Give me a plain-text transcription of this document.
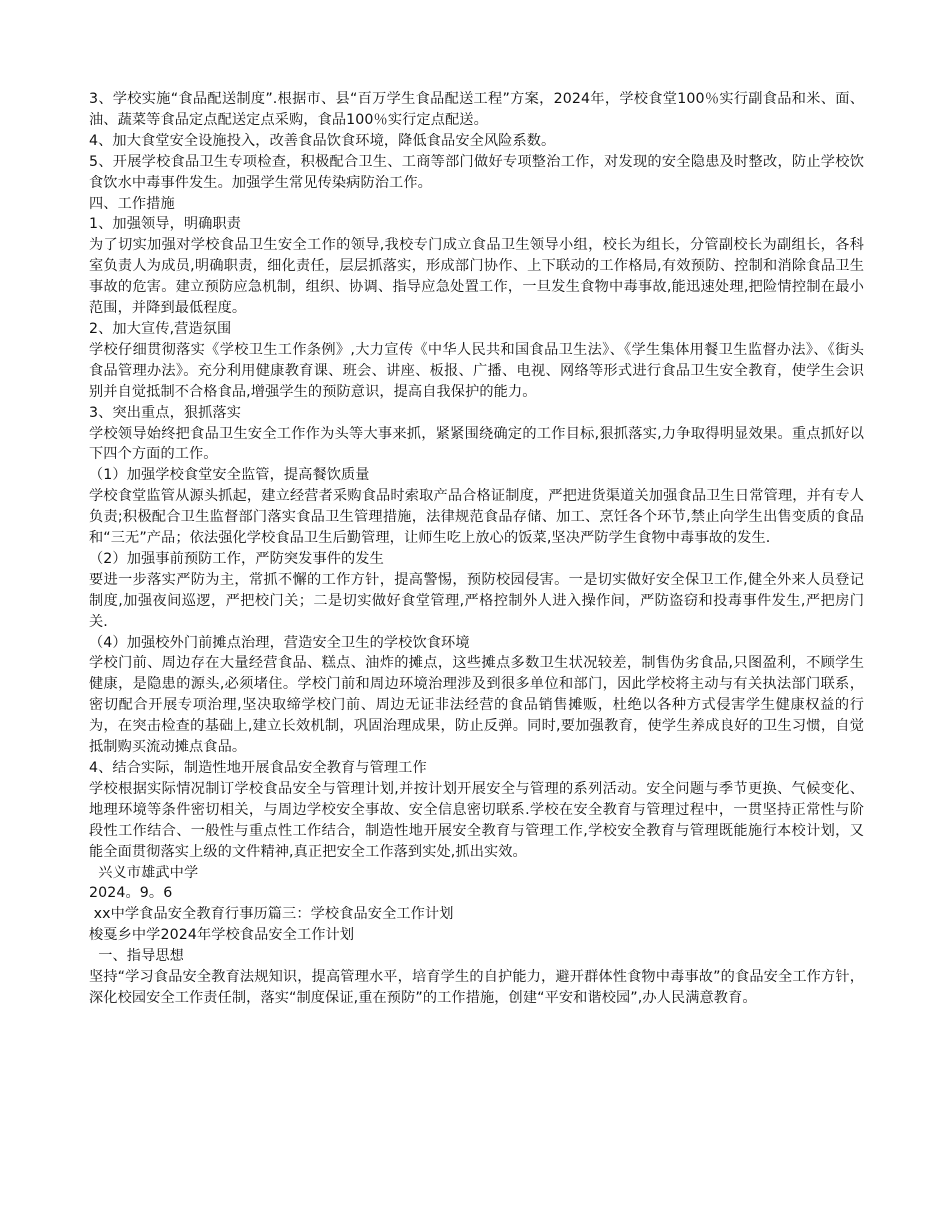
3、学校实施“食品配送制度”.根据市、县“百万学生食品配送工程”方案，2024年，学校食堂100％实行副食品和米、面、油、蔬菜等食品定点配送定点采购，食品100％实行定点配送。

4、加大食堂安全设施投入，改善食品饮食环境，降低食品安全风险系数。

5、开展学校食品卫生专项检查，积极配合卫生、工商等部门做好专项整治工作，对发现的安全隐患及时整改，防止学校饮食饮水中毒事件发生。加强学生常见传染病防治工作。

四、工作措施

1、加强领导，明确职责

为了切实加强对学校食品卫生安全工作的领导,我校专门成立食品卫生领导小组，校长为组长，分管副校长为副组长，各科室负责人为成员,明确职责，细化责任，层层抓落实，形成部门协作、上下联动的工作格局,有效预防、控制和消除食品卫生事故的危害。建立预防应急机制，组织、协调、指导应急处置工作，一旦发生食物中毒事故,能迅速处理,把险情控制在最小范围，并降到最低程度。

2、加大宣传,营造氛围

学校仔细贯彻落实《学校卫生工作条例》,大力宣传《中华人民共和国食品卫生法》、《学生集体用餐卫生监督办法》、《街头食品管理办法》。充分利用健康教育课、班会、讲座、板报、广播、电视、网络等形式进行食品卫生安全教育，使学生会识别并自觉抵制不合格食品,增强学生的预防意识，提高自我保护的能力。

3、突出重点，狠抓落实

学校领导始终把食品卫生安全工作作为头等大事来抓，紧紧围绕确定的工作目标,狠抓落实,力争取得明显效果。重点抓好以下四个方面的工作。

（1）加强学校食堂安全监管，提高餐饮质量

学校食堂监管从源头抓起，建立经营者采购食品时索取产品合格证制度，严把进货渠道关加强食品卫生日常管理，并有专人负责;积极配合卫生监督部门落实食品卫生管理措施，法律规范食品存储、加工、烹饪各个环节,禁止向学生出售变质的食品和“三无”产品；依法强化学校食品卫生后勤管理，让师生吃上放心的饭菜,坚决严防学生食物中毒事故的发生.

（2）加强事前预防工作，严防突发事件的发生

要进一步落实严防为主，常抓不懈的工作方针，提高警惕，预防校园侵害。一是切实做好安全保卫工作,健全外来人员登记制度,加强夜间巡逻，严把校门关；二是切实做好食堂管理,严格控制外人进入操作间，严防盗窃和投毒事件发生,严把房门关.

（4）加强校外门前摊点治理，营造安全卫生的学校饮食环境

学校门前、周边存在大量经营食品、糕点、油炸的摊点，这些摊点多数卫生状况较差，制售伪劣食品,只图盈利，不顾学生健康，是隐患的源头,必须堵住。学校门前和周边环境治理涉及到很多单位和部门，因此学校将主动与有关执法部门联系，密切配合开展专项治理,坚决取缔学校门前、周边无证非法经营的食品销售摊贩，杜绝以各种方式侵害学生健康权益的行为，在突击检查的基础上,建立长效机制，巩固治理成果，防止反弹。同时,要加强教育，使学生养成良好的卫生习惯，自觉抵制购买流动摊点食品。

4、结合实际，制造性地开展食品安全教育与管理工作

学校根据实际情况制订学校食品安全与管理计划,并按计划开展安全与管理的系列活动。安全问题与季节更换、气候变化、地理环境等条件密切相关，与周边学校安全事故、安全信息密切联系.学校在安全教育与管理过程中，一贯坚持正常性与阶段性工作结合、一般性与重点性工作结合，制造性地开展安全教育与管理工作,学校安全教育与管理既能施行本校计划，又能全面贯彻落实上级的文件精神,真正把安全工作落到实处,抓出实效。

兴义市雄武中学

2024。9。6

xx中学食品安全教育行事历篇三：学校食品安全工作计划

梭戛乡中学2024年学校食品安全工作计划

一、指导思想

坚持“学习食品安全教育法规知识，提高管理水平，培育学生的自护能力，避开群体性食物中毒事故”的食品安全工作方针，深化校园安全工作责任制，落实“制度保证,重在预防”的工作措施，创建“平安和谐校园”,办人民满意教育。
